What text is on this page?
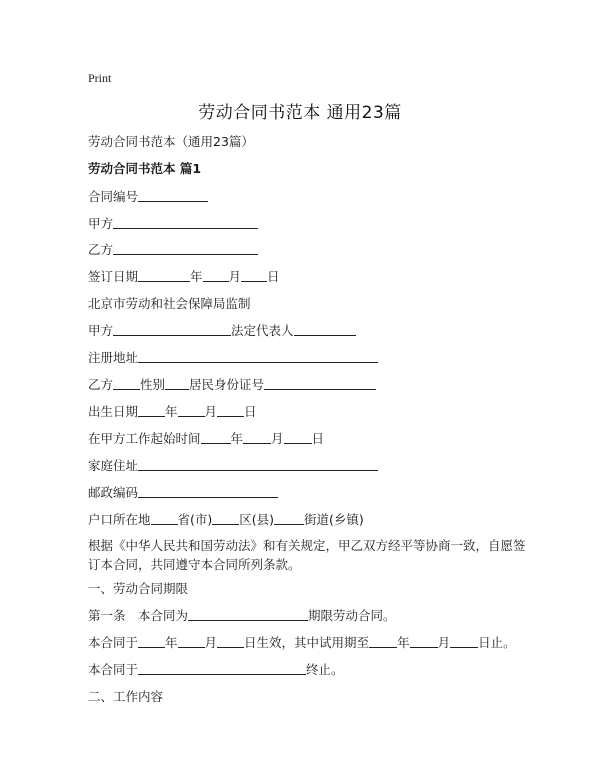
Print
劳动合同书范本 通用23篇
劳动合同书范本（通用23篇）
劳动合同书范本 篇1
合同编号
甲方
乙方
签订日期	年 月 日
北京市劳动和社会保障局监制
甲方	法定代表人
注册地址
乙方 性别 居民身份证号
出生日期 年 月 日
在甲方工作起始时间 年 月 日
家庭住址
邮政编码
户口所在地 省(市) 区(县) 街道(乡镇)
根据《中华人民共和国劳动法》和有关规定，甲乙双方经平等协商一致，自愿签订本合同，共同遵守本合同所列条款。
一、劳动合同期限
第一条　本合同为	期限劳动合同。
本合同于 年 月 日生效，其中试用期至 年 月 日止。
本合同于	终止。
二、工作内容
